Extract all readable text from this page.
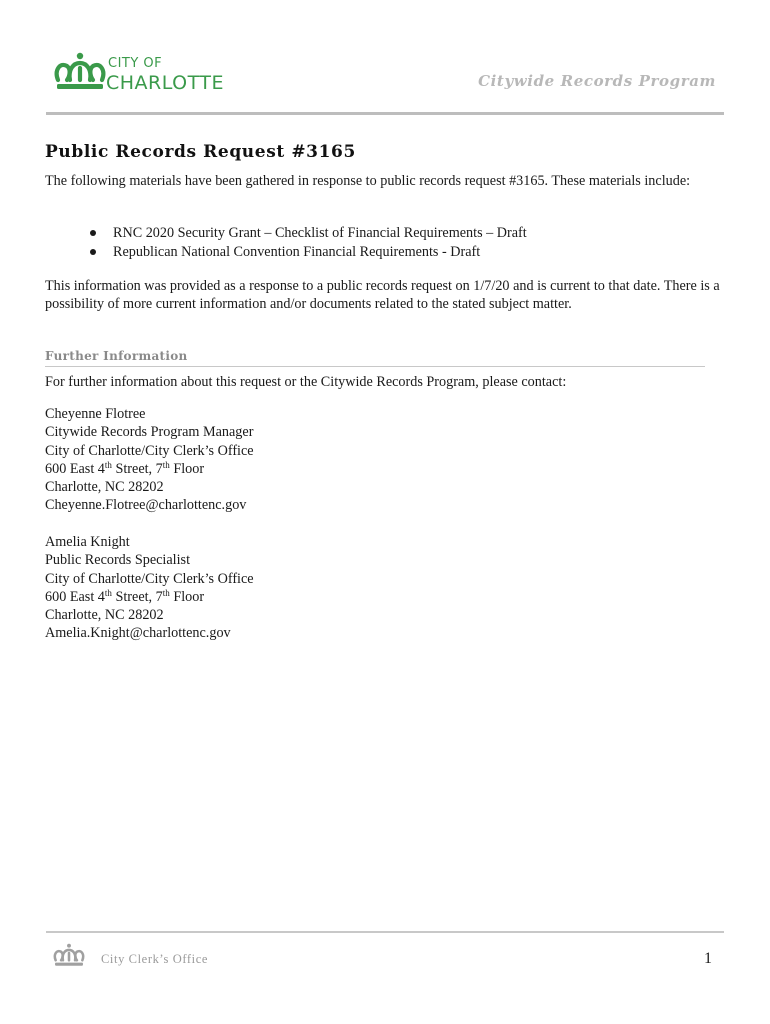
CITY OF
CHARLOTTE	Citywide Records Program
Public Records Request #3165
The following materials have been gathered in response to public records request #3165. These materials include:
RNC 2020 Security Grant – Checklist of Financial Requirements – Draft
Republican National Convention Financial Requirements - Draft
This information was provided as a response to a public records request on 1/7/20 and is current to that date. There is a possibility of more current information and/or documents related to the stated subject matter.
Further Information
For further information about this request or the Citywide Records Program, please contact:
Cheyenne Flotree
Citywide Records Program Manager
City of Charlotte/City Clerk’s Office
600 East 4th Street, 7th Floor
Charlotte, NC 28202
Cheyenne.Flotree@charlottenc.gov
Amelia Knight
Public Records Specialist
City of Charlotte/City Clerk’s Office
600 East 4th Street, 7th Floor
Charlotte, NC 28202
Amelia.Knight@charlottenc.gov
City Clerk’s Office	1
